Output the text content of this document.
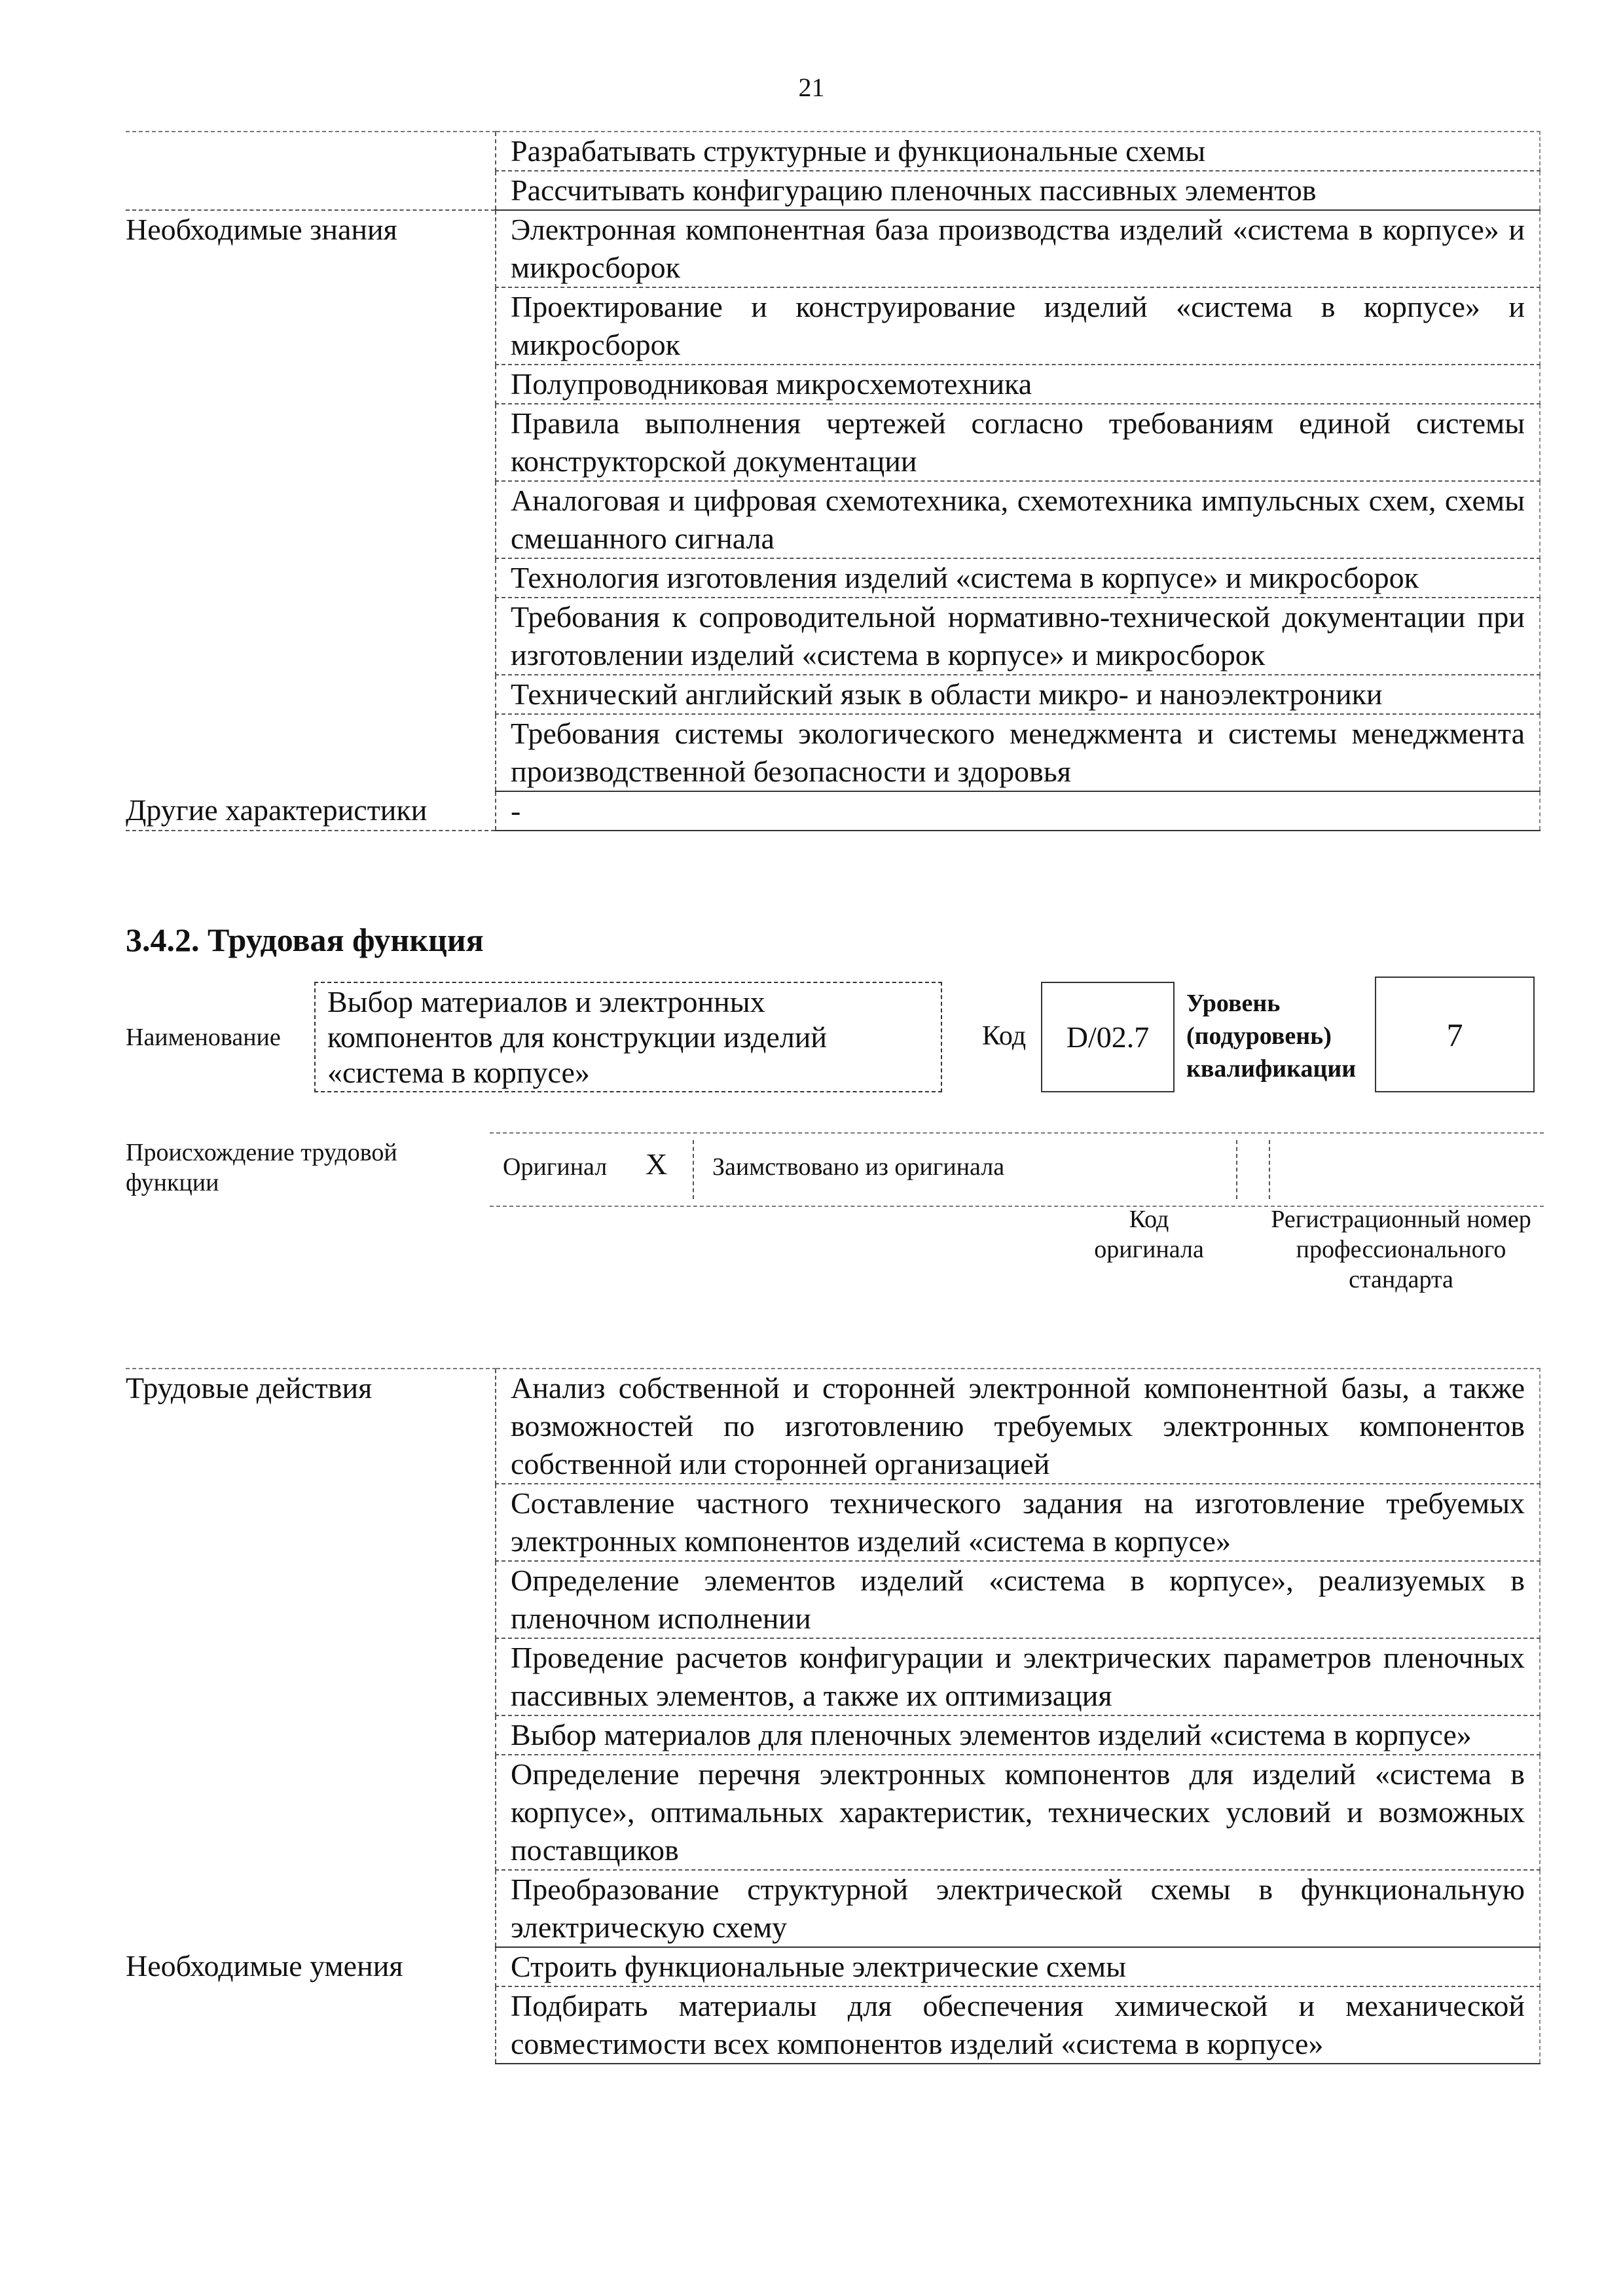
21
	Разрабатывать структурные и функциональные схемы
	Рассчитывать конфигурацию пленочных пассивных элементов
Необходимые знания	Электронная компонентная база производства изделий «система в корпусе» и микросборок
	Проектирование и конструирование изделий «система в корпусе» и микросборок
	Полупроводниковая микросхемотехника
	Правила выполнения чертежей согласно требованиям единой системы конструкторской документации
	Аналоговая и цифровая схемотехника, схемотехника импульсных схем, схемы смешанного сигнала
	Технология изготовления изделий «система в корпусе» и микросборок
	Требования к сопроводительной нормативно-технической документации при изготовлении изделий «система в корпусе» и микросборок
	Технический английский язык в области микро- и наноэлектроники
	Требования системы экологического менеджмента и системы менеджмента производственной безопасности и здоровья
Другие характеристики	-
3.4.2. Трудовая функция
Наименование
Выбор материалов и электронных компонентов для конструкции изделий «система в корпусе»
Код D/02.7
Уровень (подуровень) квалификации
7
Происхождение трудовой функции
Оригинал X Заимствовано из оригинала
Код оригинала
Регистрационный номер профессионального стандарта
Трудовые действия	Анализ собственной и сторонней электронной компонентной базы, а также возможностей по изготовлению требуемых электронных компонентов собственной или сторонней организацией
	Составление частного технического задания на изготовление требуемых электронных компонентов изделий «система в корпусе»
	Определение элементов изделий «система в корпусе», реализуемых в пленочном исполнении
	Проведение расчетов конфигурации и электрических параметров пленочных пассивных элементов, а также их оптимизация
	Выбор материалов для пленочных элементов изделий «система в корпусе»
	Определение перечня электронных компонентов для изделий «система в корпусе», оптимальных характеристик, технических условий и возможных поставщиков
	Преобразование структурной электрической схемы в функциональную электрическую схему
Необходимые умения	Строить функциональные электрические схемы
	Подбирать материалы для обеспечения химической и механической совместимости всех компонентов изделий «система в корпусе»
